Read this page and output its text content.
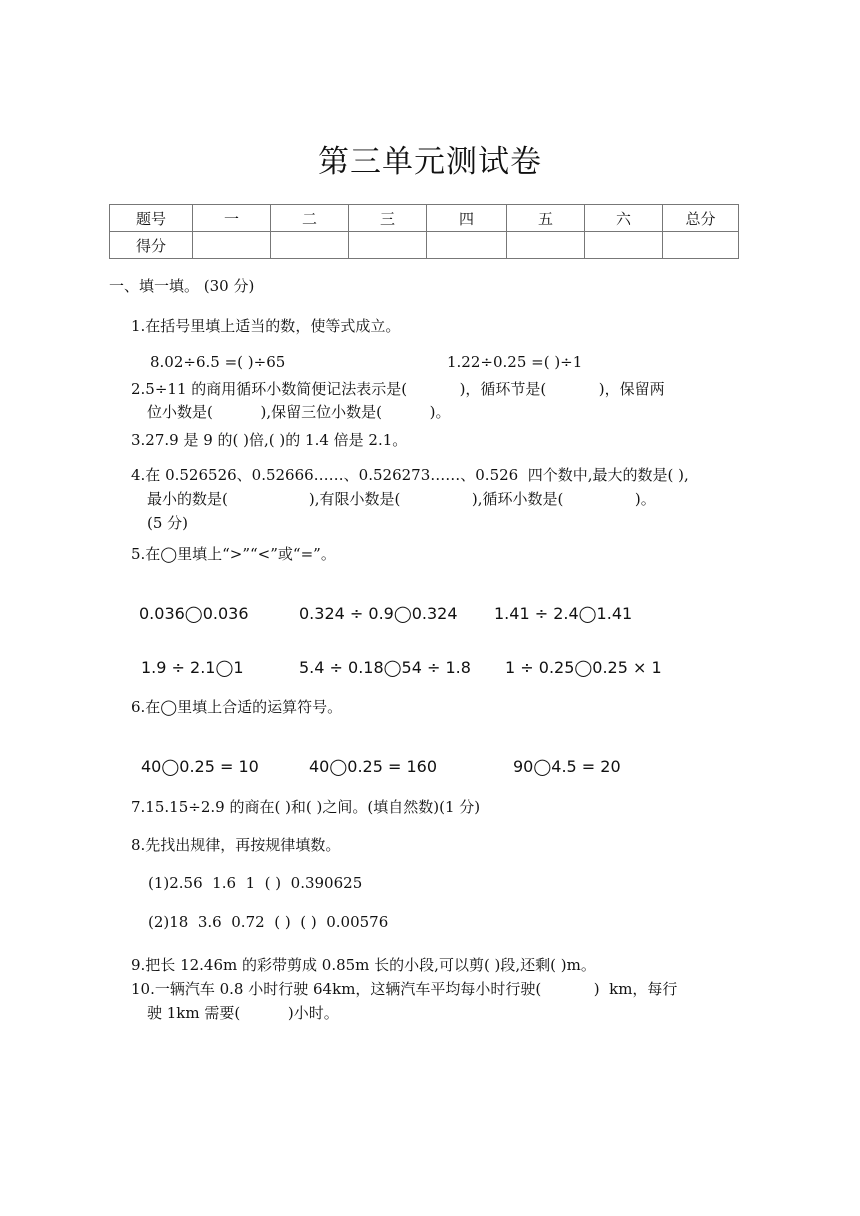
第三单元测试卷
题号	一	二	三	四	五	六	总分
得分							
一、填一填。 (30 分)
1.在括号里填上适当的数，使等式成立。
8.02÷6.5 =( )÷65	1.22÷0.25 =( )÷1
2.5÷11 的商用循环小数简便记法表示是(           )，循环节是(           )，保留两
位小数是(          ),保留三位小数是(          )。
3.27.9 是 9 的( )倍,( )的 1.4 倍是 2.1。
4.在 0.526526、0.52666……、0.526273……、0.526  四个数中,最大的数是( ),
最小的数是(                 ),有限小数是(               ),循环小数是(               )。
(5 分)
5.在◯里填上“>”“<”或“=”。
0.036◯0.036	0.324 ÷ 0.9◯0.324 1.41 ÷ 2.4◯1.41
1.9 ÷ 2.1◯1	5.4 ÷ 0.18◯54 ÷ 1.8 1 ÷ 0.25◯0.25 × 1
6.在◯里填上合适的运算符号。
40◯0.25 = 10	40◯0.25 = 160	90◯4.5 = 20
7.15.15÷2.9 的商在( )和( )之间。(填自然数)(1 分)
8.先找出规律，再按规律填数。
(1)2.56  1.6  1  ( )  0.390625
(2)18  3.6  0.72  ( )  ( )  0.00576
9.把长 12.46m 的彩带剪成 0.85m 长的小段,可以剪( )段,还剩( )m。
10.一辆汽车 0.8 小时行驶 64km，这辆汽车平均每小时行驶(           )  km，每行
驶 1km 需要(          )小时。
